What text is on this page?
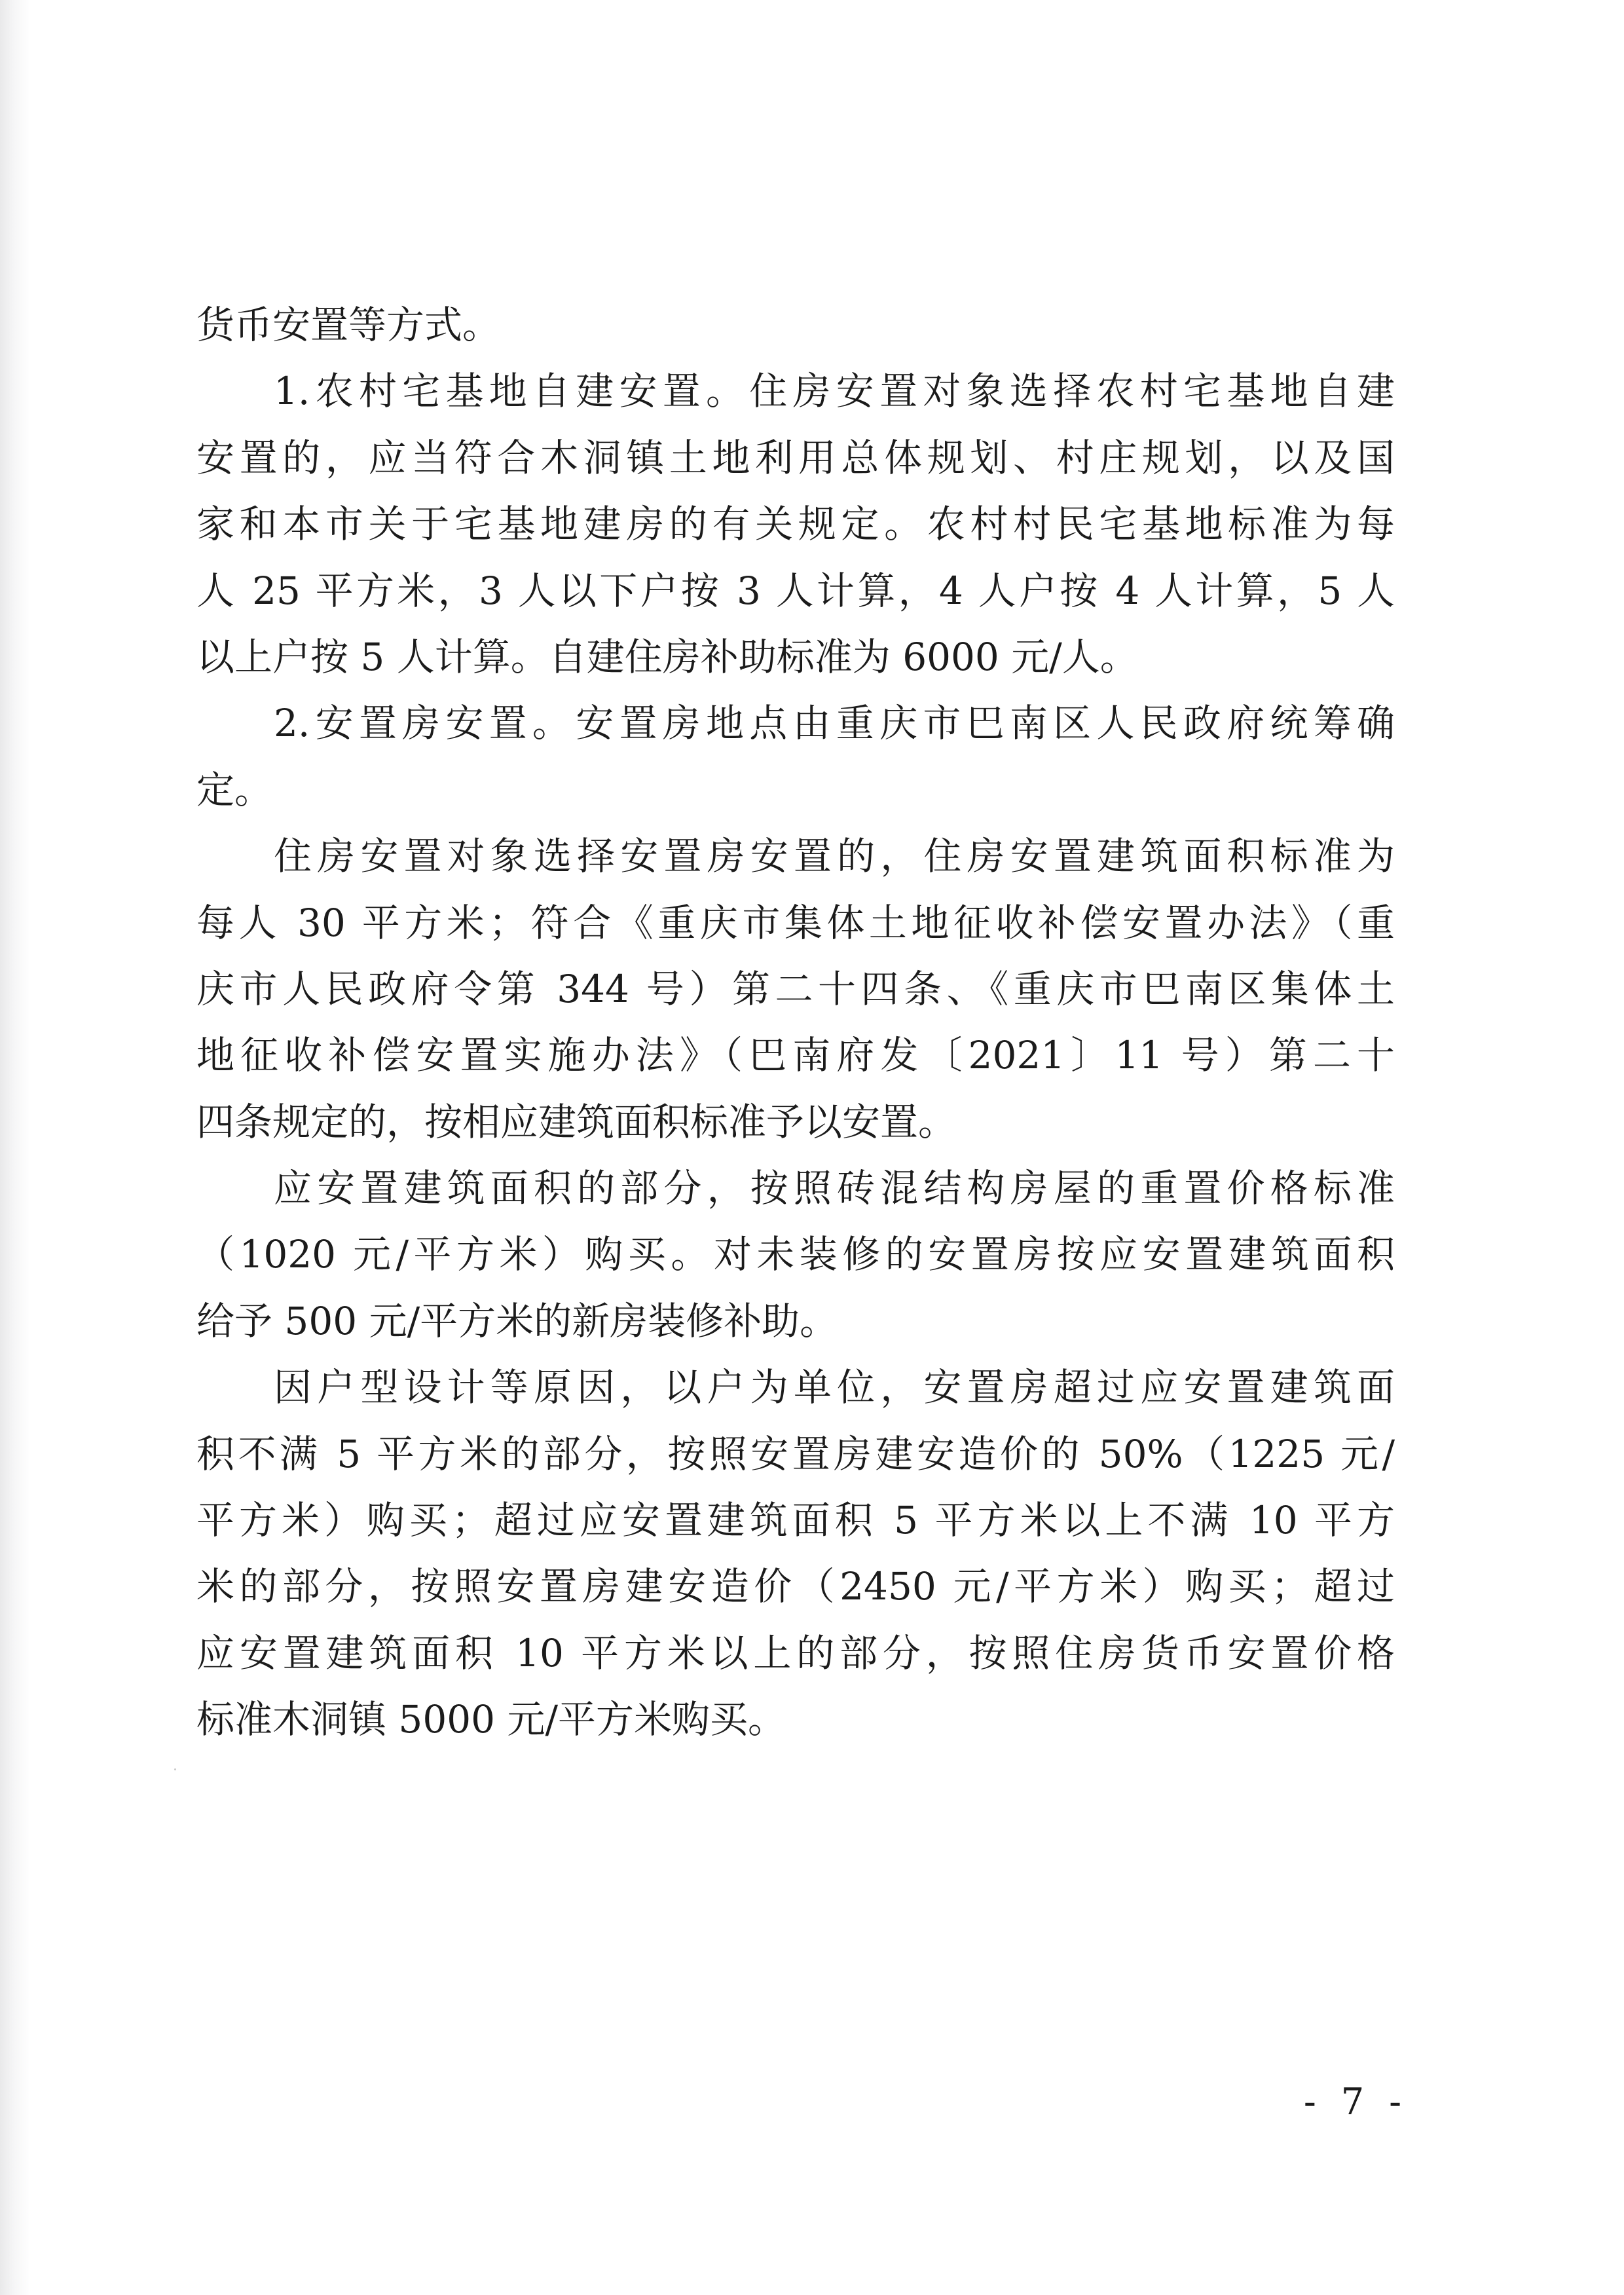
货币安置等方式。
1.农村宅基地自建安置。住房安置对象选择农村宅基地自建
安置的，应当符合木洞镇土地利用总体规划、村庄规划，以及国
家和本市关于宅基地建房的有关规定。农村村民宅基地标准为每
人 25 平方米，3 人以下户按 3 人计算，4 人户按 4 人计算，5 人
以上户按 5 人计算。自建住房补助标准为 6000 元/人。
2.安置房安置。安置房地点由重庆市巴南区人民政府统筹确
定。
住房安置对象选择安置房安置的，住房安置建筑面积标准为
每人 30 平方米；符合《重庆市集体土地征收补偿安置办法》（重
庆市人民政府令第 344 号）第二十四条、《重庆市巴南区集体土
地征收补偿安置实施办法》（巴南府发〔2021〕11 号）第二十
四条规定的，按相应建筑面积标准予以安置。
应安置建筑面积的部分，按照砖混结构房屋的重置价格标准
（1020 元/平方米）购买。对未装修的安置房按应安置建筑面积
给予 500 元/平方米的新房装修补助。
因户型设计等原因，以户为单位，安置房超过应安置建筑面
积不满 5 平方米的部分，按照安置房建安造价的 50%（1225 元/
平方米）购买；超过应安置建筑面积 5 平方米以上不满 10 平方
米的部分，按照安置房建安造价（2450 元/平方米）购买；超过
应安置建筑面积 10 平方米以上的部分，按照住房货币安置价格
标准木洞镇 5000 元/平方米购买。
- 7 -
